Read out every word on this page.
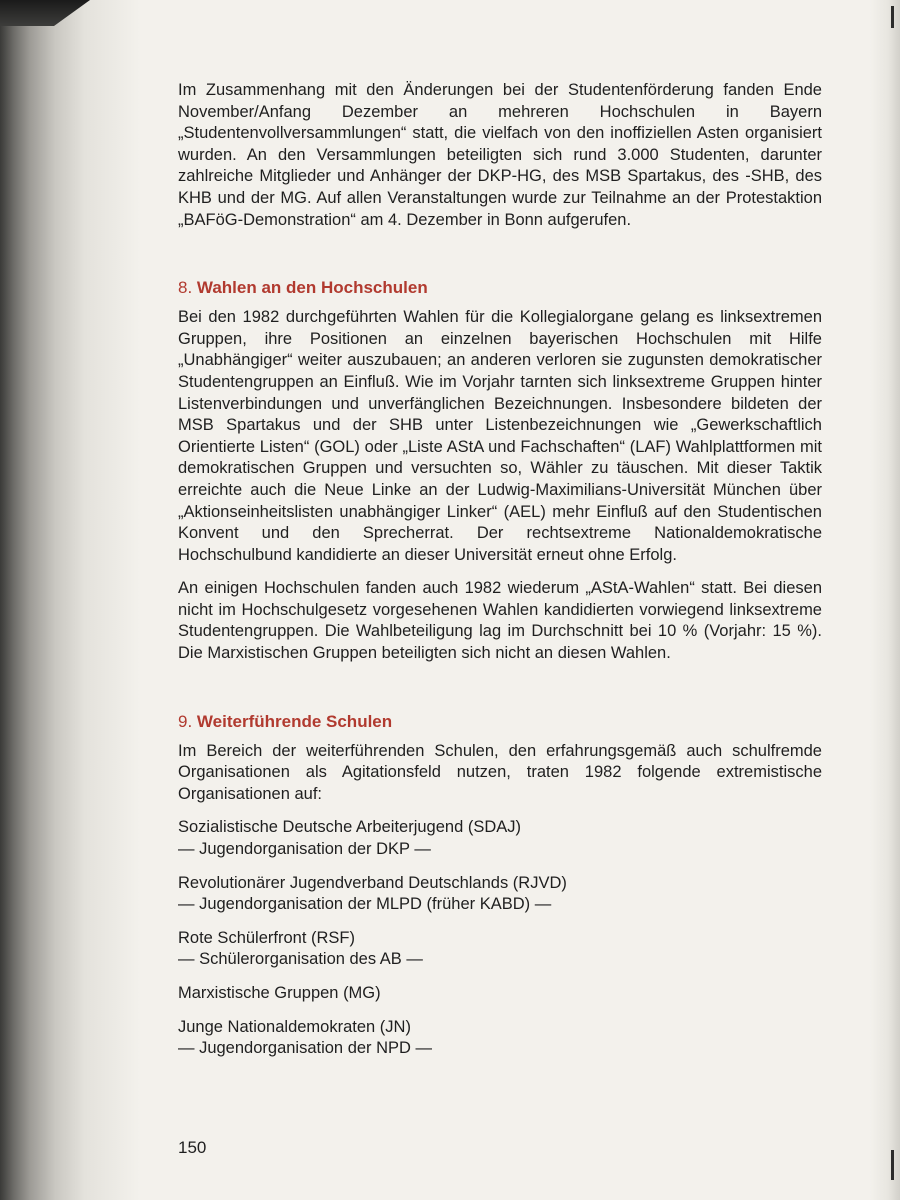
Im Zusammenhang mit den Änderungen bei der Studentenförderung fanden Ende November/Anfang Dezember an mehreren Hochschulen in Bayern „Studentenvollversammlungen“ statt, die vielfach von den inoffiziellen Asten organisiert wurden. An den Versammlungen beteiligten sich rund 3.000 Studenten, darunter zahlreiche Mitglieder und Anhänger der DKP-HG, des MSB Spartakus, des -SHB, des KHB und der MG. Auf allen Veranstaltungen wurde zur Teilnahme an der Protestaktion „BAFöG-Demonstration“ am 4. Dezember in Bonn aufgerufen.

8. Wahlen an den Hochschulen

Bei den 1982 durchgeführten Wahlen für die Kollegialorgane gelang es linksextremen Gruppen, ihre Positionen an einzelnen bayerischen Hochschulen mit Hilfe „Unabhängiger“ weiter auszubauen; an anderen verloren sie zugunsten demokratischer Studentengruppen an Einfluß. Wie im Vorjahr tarnten sich linksextreme Gruppen hinter Listenverbindungen und unverfänglichen Bezeichnungen. Insbesondere bildeten der MSB Spartakus und der SHB unter Listenbezeichnungen wie „Gewerkschaftlich Orientierte Listen“ (GOL) oder „Liste AStA und Fachschaften“ (LAF) Wahlplattformen mit demokratischen Gruppen und versuchten so, Wähler zu täuschen. Mit dieser Taktik erreichte auch die Neue Linke an der Ludwig-Maximilians-Universität München über „Aktionseinheitslisten unabhängiger Linker“ (AEL) mehr Einfluß auf den Studentischen Konvent und den Sprecherrat. Der rechtsextreme Nationaldemokratische Hochschulbund kandidierte an dieser Universität erneut ohne Erfolg.

An einigen Hochschulen fanden auch 1982 wiederum „AStA-Wahlen“ statt. Bei diesen nicht im Hochschulgesetz vorgesehenen Wahlen kandidierten vorwiegend linksextreme Studentengruppen. Die Wahlbeteiligung lag im Durchschnitt bei 10 % (Vorjahr: 15 %). Die Marxistischen Gruppen beteiligten sich nicht an diesen Wahlen.

9. Weiterführende Schulen

Im Bereich der weiterführenden Schulen, den erfahrungsgemäß auch schulfremde Organisationen als Agitationsfeld nutzen, traten 1982 folgende extremistische Organisationen auf:

Sozialistische Deutsche Arbeiterjugend (SDAJ)
— Jugendorganisation der DKP —
Revolutionärer Jugendverband Deutschlands (RJVD)
— Jugendorganisation der MLPD (früher KABD) —
Rote Schülerfront (RSF)
— Schülerorganisation des AB —
Marxistische Gruppen (MG)
Junge Nationaldemokraten (JN)
— Jugendorganisation der NPD —
150
